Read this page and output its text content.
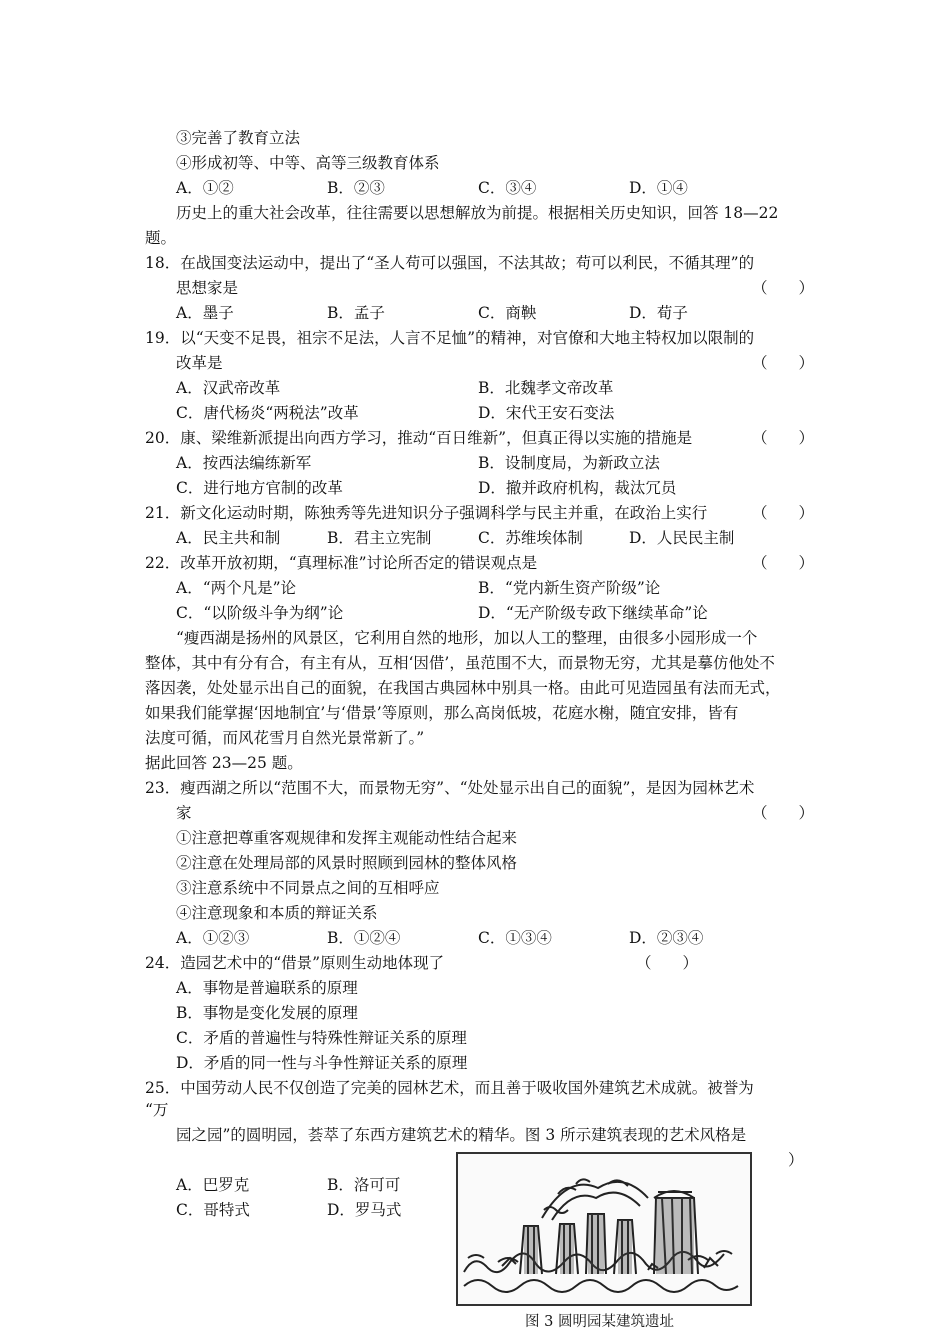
③完善了教育立法
④形成初等、中等、高等三级教育体系
A．①②	B．②③	C．③④	D．①④
历史上的重大社会改革，往往需要以思想解放为前提。根据相关历史知识，回答 18—22
题。
18．在战国变法运动中，提出了“圣人苟可以强国，不法其故；苟可以利民，不循其理”的
思想家是	（　　）
A．墨子	B．孟子	C．商鞅	D．荀子
19．以“天变不足畏，祖宗不足法，人言不足恤”的精神，对官僚和大地主特权加以限制的
改革是	（　　）
A．汉武帝改革	B．北魏孝文帝改革
C．唐代杨炎“两税法”改革	D．宋代王安石变法
20．康、梁维新派提出向西方学习，推动“百日维新”，但真正得以实施的措施是	（　　）
A．按西法编练新军	B．设制度局，为新政立法
C．进行地方官制的改革	D．撤并政府机构，裁汰冗员
21．新文化运动时期，陈独秀等先进知识分子强调科学与民主并重，在政治上实行	（　　）
A．民主共和制	B．君主立宪制	C．苏维埃体制	D．人民民主制
22．改革开放初期，“真理标准”讨论所否定的错误观点是	（　　）
A．“两个凡是”论	B．“党内新生资产阶级”论
C．“以阶级斗争为纲”论	D．“无产阶级专政下继续革命”论
“瘦西湖是扬州的风景区，它利用自然的地形，加以人工的整理，由很多小园形成一个
整体，其中有分有合，有主有从，互相‘因借’，虽范围不大，而景物无穷，尤其是摹仿他处不
落因袭，处处显示出自己的面貌，在我国古典园林中别具一格。由此可见造园虽有法而无式，
如果我们能掌握‘因地制宜’与‘借景’等原则，那么高岗低坡，花庭水榭，随宜安排，皆有
法度可循，而风花雪月自然光景常新了。”
据此回答 23—25 题。
23．瘦西湖之所以“范围不大，而景物无穷”、“处处显示出自己的面貌”，是因为园林艺术
家	（　　）
①注意把尊重客观规律和发挥主观能动性结合起来
②注意在处理局部的风景时照顾到园林的整体风格
③注意系统中不同景点之间的互相呼应
④注意现象和本质的辩证关系
A．①②③	B．①②④	C．①③④	D．②③④
24．造园艺术中的“借景”原则生动地体现了	（　　）
A．事物是普遍联系的原理
B．事物是变化发展的原理
C．矛盾的普遍性与特殊性辩证关系的原理
D．矛盾的同一性与斗争性辩证关系的原理
25．中国劳动人民不仅创造了完美的园林艺术，而且善于吸收国外建筑艺术成就。被誉为
“万
园之园”的圆明园，荟萃了东西方建筑艺术的精华。图 3 所示建筑表现的艺术风格是
）
A．巴罗克	B．洛可可
C．哥特式	D．罗马式
图 3 圆明园某建筑遗址
